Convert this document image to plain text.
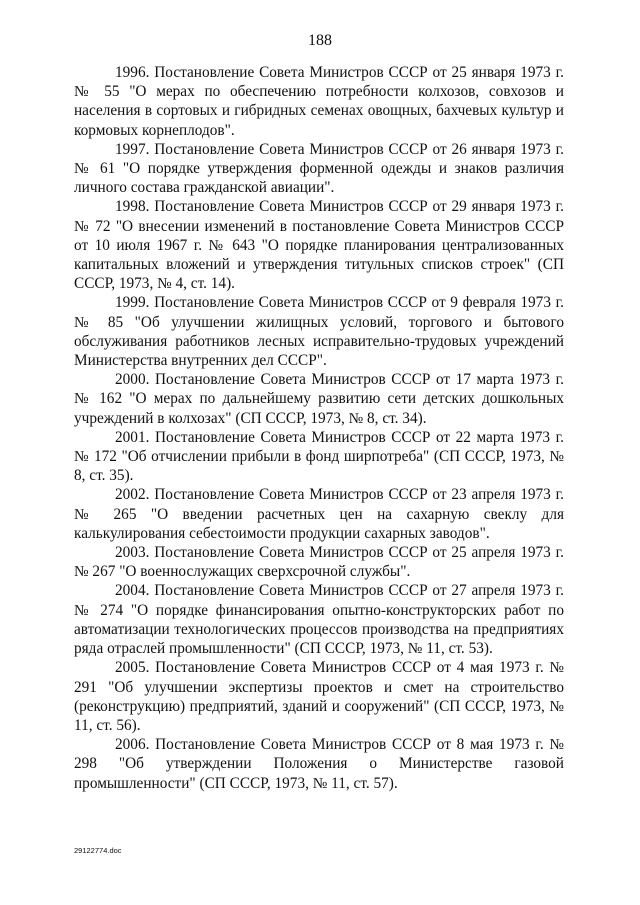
188

1996. Постановление Совета Министров СССР от 25 января 1973 г. № 55 "О мерах по обеспечению потребности колхозов, совхозов и населения в сортовых и гибридных семенах овощных, бахчевых культур и кормовых корнеплодов".

1997. Постановление Совета Министров СССР от 26 января 1973 г. № 61 "О порядке утверждения форменной одежды и знаков различия личного состава гражданской авиации".

1998. Постановление Совета Министров СССР от 29 января 1973 г. № 72 "О внесении изменений в постановление Совета Министров СССР от 10 июля 1967 г. № 643 "О порядке планирования централизованных капитальных вложений и утверждения титульных списков строек" (СП СССР, 1973, № 4, ст. 14).

1999. Постановление Совета Министров СССР от 9 февраля 1973 г. № 85 "Об улучшении жилищных условий, торгового и бытового обслуживания работников лесных исправительно-трудовых учреждений Министерства внутренних дел СССР".

2000. Постановление Совета Министров СССР от 17 марта 1973 г. № 162 "О мерах по дальнейшему развитию сети детских дошкольных учреждений в колхозах" (СП СССР, 1973, № 8, ст. 34).

2001. Постановление Совета Министров СССР от 22 марта 1973 г. № 172 "Об отчислении прибыли в фонд ширпотреба" (СП СССР, 1973, № 8, ст. 35).

2002. Постановление Совета Министров СССР от 23 апреля 1973 г. № 265 "О введении расчетных цен на сахарную свеклу для калькулирования себестоимости продукции сахарных заводов".

2003. Постановление Совета Министров СССР от 25 апреля 1973 г. № 267 "О военнослужащих сверхсрочной службы".

2004. Постановление Совета Министров СССР от 27 апреля 1973 г. № 274 "О порядке финансирования опытно-конструкторских работ по автоматизации технологических процессов производства на предприятиях ряда отраслей промышленности" (СП СССР, 1973, № 11, ст. 53).

2005. Постановление Совета Министров СССР от 4 мая 1973 г. № 291 "Об улучшении экспертизы проектов и смет на строительство (реконструкцию) предприятий, зданий и сооружений" (СП СССР, 1973, № 11, ст. 56).

2006. Постановление Совета Министров СССР от 8 мая 1973 г. № 298 "Об утверждении Положения о Министерстве газовой промышленности" (СП СССР, 1973, № 11, ст. 57).

29122774.doc
